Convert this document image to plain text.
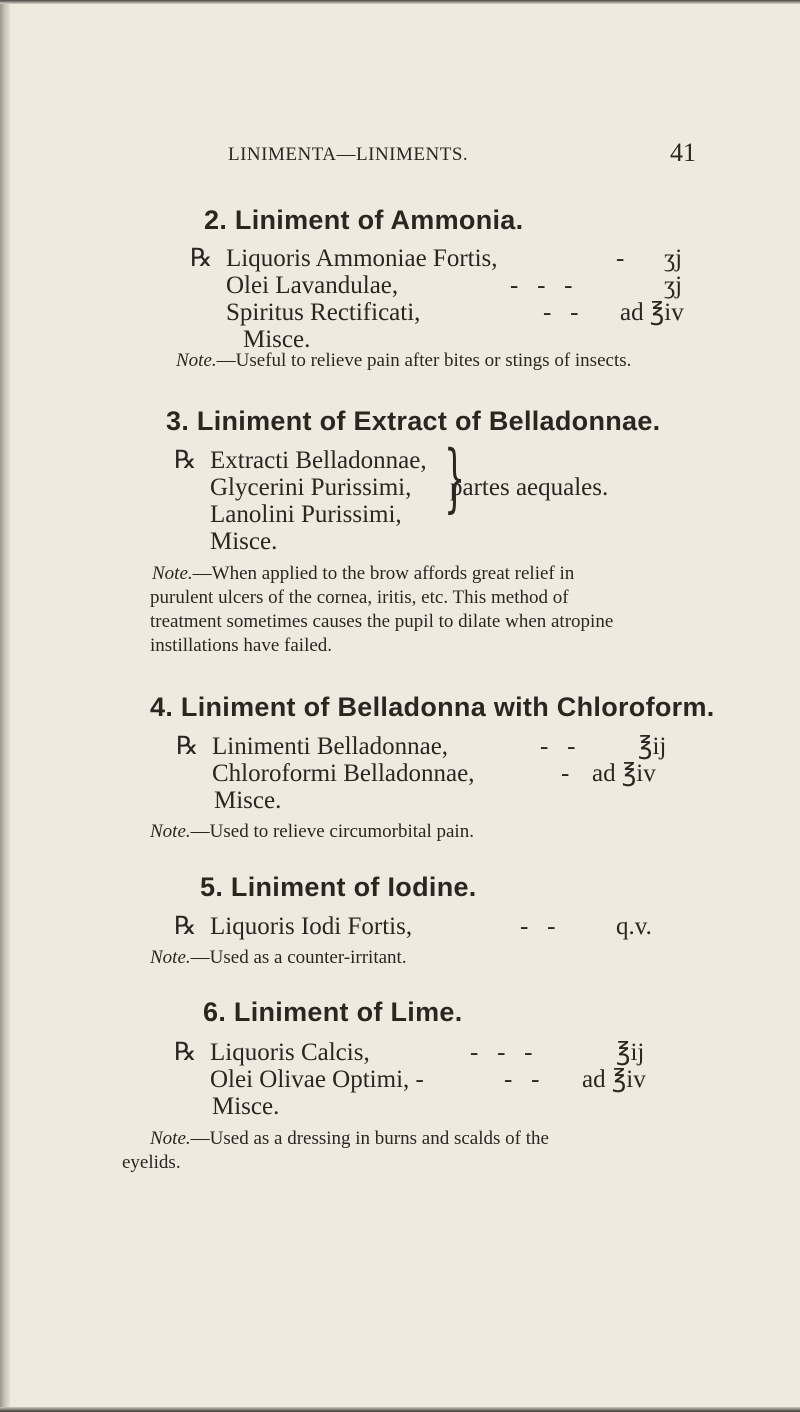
LINIMENTA—LINIMENTS.	41
2. Liniment of Ammonia.
℞ Liquoris Ammoniae Fortis,	- ʒj
Olei Lavandulae,	-   -   -	ʒj
Spiritus Rectificati,	-   - ad ℥iv
Misce.
Note.—Useful to relieve pain after bites or stings of insects.
3. Liniment of Extract of Belladonnae.
℞ Extracti Belladonnae,
Glycerini Purissimi,
Lanolini Purissimi, }
partes aequales.
Misce.
Note.—When applied to the brow affords great relief in
purulent ulcers of the cornea, iritis, etc. This method of
treatment sometimes causes the pupil to dilate when atropine
instillations have failed.
4. Liniment of Belladonna with Chloroform.
℞ Linimenti Belladonnae,	-   -	℥ij
Chloroformi Belladonnae,	- ad ℥iv
Misce.
Note.—Used to relieve circumorbital pain.
5. Liniment of Iodine.
℞ Liquoris Iodi Fortis,	-   - q.v.
Note.—Used as a counter-irritant.
6. Liniment of Lime.
℞ Liquoris Calcis,	-   -   -	℥ij
Olei Olivae Optimi, -	-   - ad ℥iv
Misce.
Note.—Used as a dressing in burns and scalds of the
eyelids.
